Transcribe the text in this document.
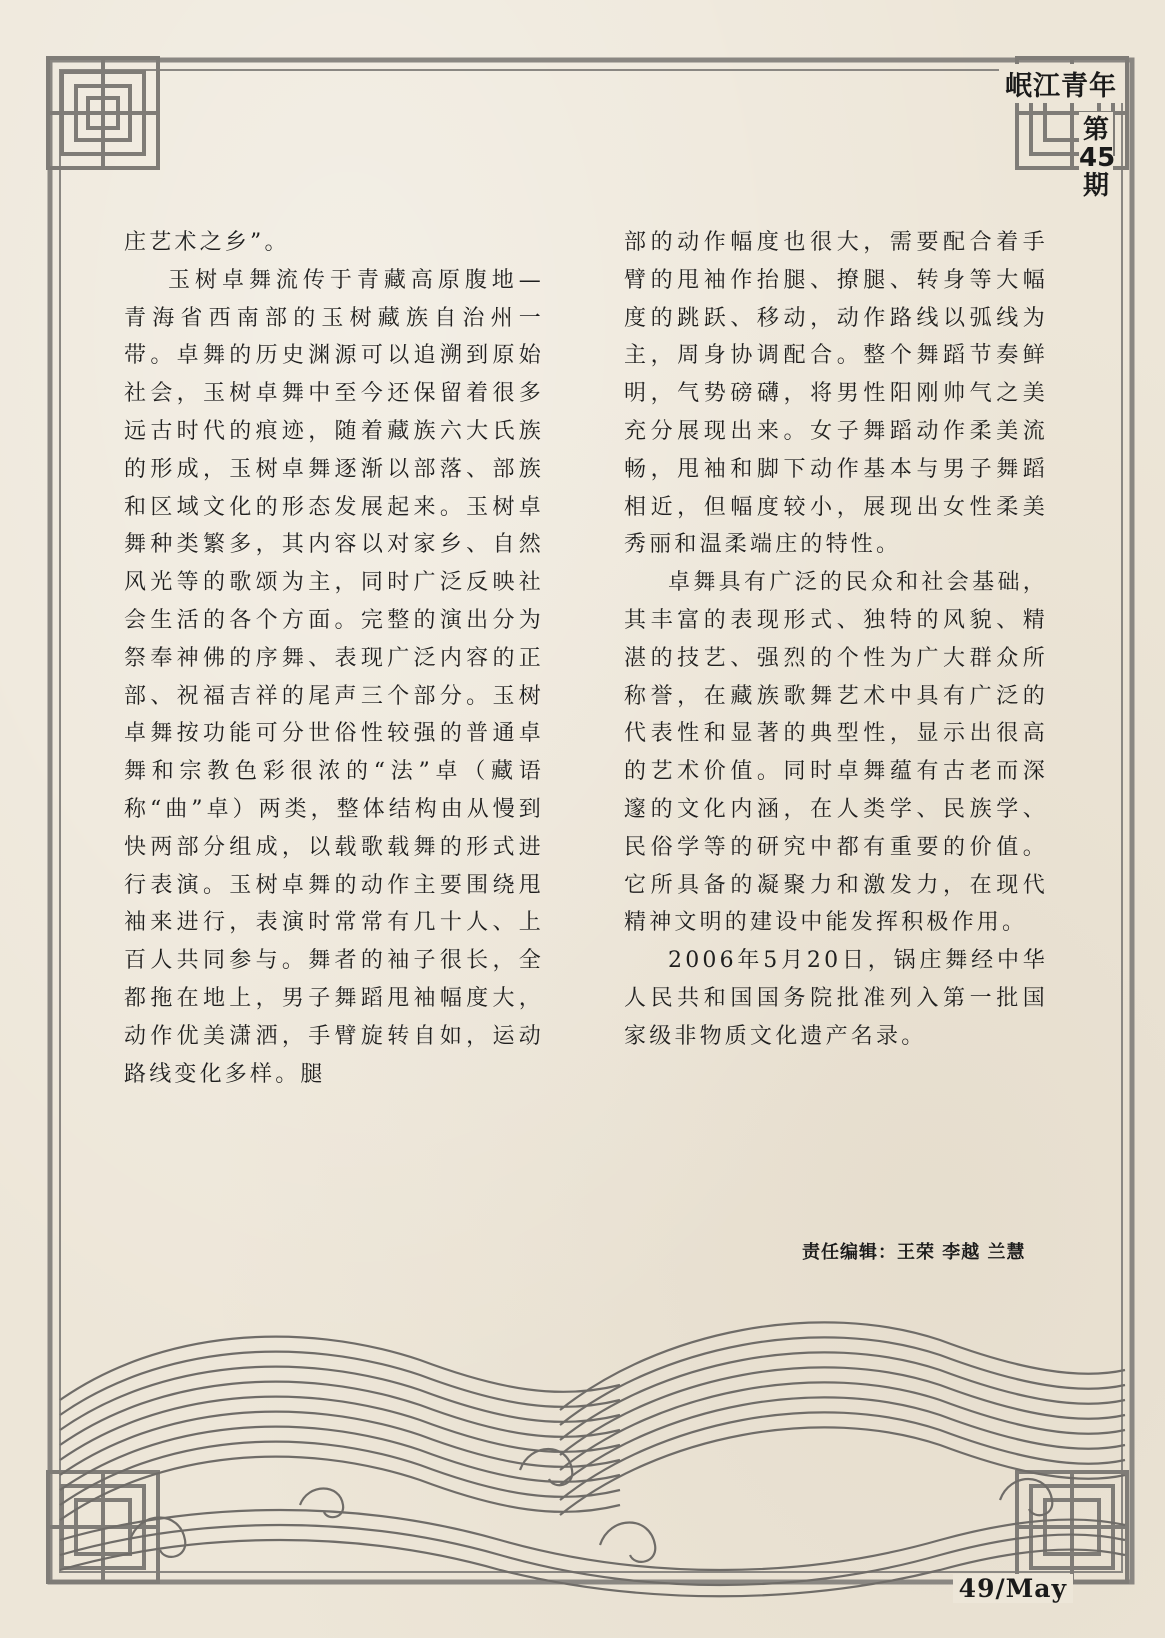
岷江青年
第45期

庄艺术之乡”。

玉树卓舞流传于青藏高原腹地—青海省西南部的玉树藏族自治州一带。卓舞的历史渊源可以追溯到原始社会，玉树卓舞中至今还保留着很多远古时代的痕迹，随着藏族六大氏族的形成，玉树卓舞逐渐以部落、部族和区域文化的形态发展起来。玉树卓舞种类繁多，其内容以对家乡、自然风光等的歌颂为主，同时广泛反映社会生活的各个方面。完整的演出分为祭奉神佛的序舞、表现广泛内容的正部、祝福吉祥的尾声三个部分。玉树卓舞按功能可分世俗性较强的普通卓舞和宗教色彩很浓的“法”卓（藏语称“曲”卓）两类，整体结构由从慢到快两部分组成，以载歌载舞的形式进行表演。玉树卓舞的动作主要围绕甩袖来进行，表演时常常有几十人、上百人共同参与。舞者的袖子很长，全都拖在地上，男子舞蹈甩袖幅度大，动作优美潇洒，手臂旋转自如，运动路线变化多样。腿

部的动作幅度也很大，需要配合着手臂的甩袖作抬腿、撩腿、转身等大幅度的跳跃、移动，动作路线以弧线为主，周身协调配合。整个舞蹈节奏鲜明，气势磅礴，将男性阳刚帅气之美充分展现出来。女子舞蹈动作柔美流畅，甩袖和脚下动作基本与男子舞蹈相近，但幅度较小，展现出女性柔美秀丽和温柔端庄的特性。

卓舞具有广泛的民众和社会基础，其丰富的表现形式、独特的风貌、精湛的技艺、强烈的个性为广大群众所称誉，在藏族歌舞艺术中具有广泛的代表性和显著的典型性，显示出很高的艺术价值。同时卓舞蕴有古老而深邃的文化内涵，在人类学、民族学、民俗学等的研究中都有重要的价值。它所具备的凝聚力和激发力，在现代精神文明的建设中能发挥积极作用。

2006年5月20日，锅庄舞经中华人民共和国国务院批准列入第一批国家级非物质文化遗产名录。

责任编辑：王荣 李越 兰慧
49/May
